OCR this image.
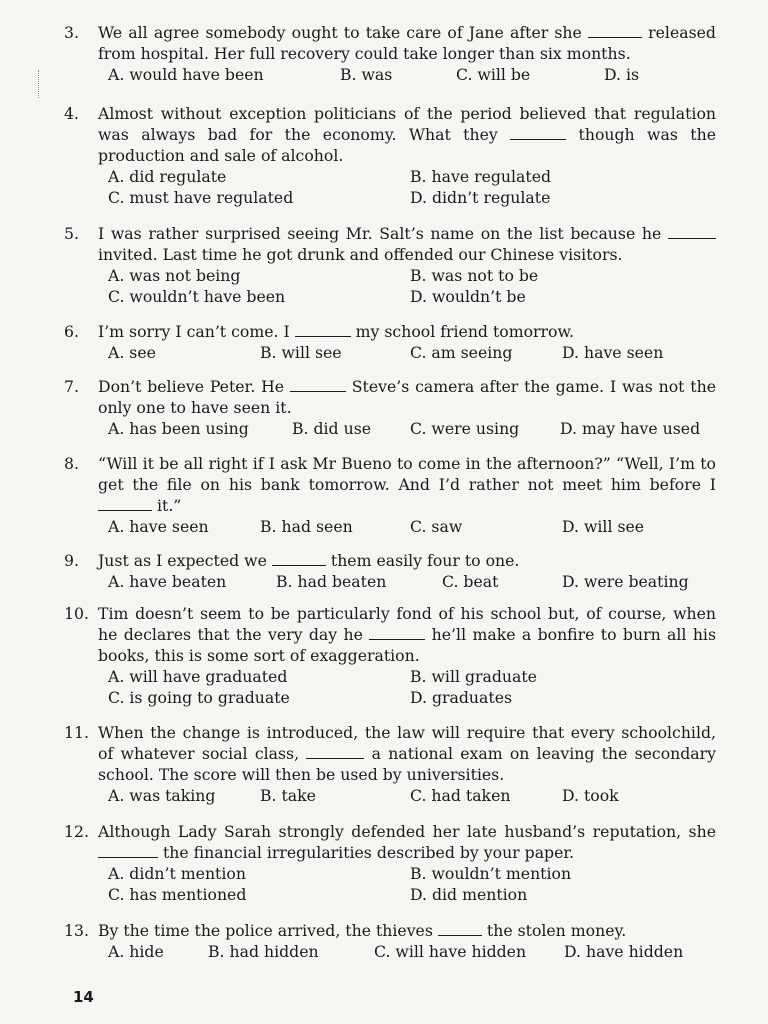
3.	We all agree somebody ought to take care of Jane after she	released from hospital. Her full recovery could take longer than six months.
A. would have been	B. was	C. will be	D. is
4.	Almost without exception politicians of the period believed that regulation was always bad for the economy. What they	though was the production and sale of alcohol.
A. did regulate	B. have regulated
C. must have regulated	D. didn’t regulate
5.	I was rather surprised seeing Mr. Salt’s name on the list because he  invited. Last time he got drunk and offended our Chinese visitors.
A. was not being	B. was not to be
C. wouldn’t have been	D. wouldn’t be
6.	I’m sorry I can’t come. I	my school friend tomorrow.
A. see	B. will see	C. am seeing	D. have seen
7.	Don’t believe Peter. He	Steve’s camera after the game. I was not the only one to have seen it.
A. has been using	B. did use C. were using	D. may have used
8.	“Will it be all right if I ask Mr Bueno to come in the afternoon?” “Well, I’m to get the file on his bank tomorrow. And I’d rather not meet him before I  it.”
A. have seen	B. had seen	C. saw	D. will see
9.	Just as I expected we	them easily four to one.
A. have beaten	B. had beaten	C. beat	D. were beating
10. Tim doesn’t seem to be particularly fond of his school but, of course, when he declares that the very day he	he’ll make a bonfire to burn all his books, this is some sort of exaggeration.
A. will have graduated	B. will graduate
C. is going to graduate	D. graduates
11. When the change is introduced, the law will require that every schoolchild, of whatever social class,	a national exam on leaving the secondary school. The score will then be used by universities.
A. was taking	B. take	C. had taken	D. took
12. Although Lady Sarah strongly defended her late husband’s reputation, she  the financial irregularities described by your paper.
A. didn’t mention	B. wouldn’t mention
C. has mentioned	D. did mention
13. By the time the police arrived, the thieves	the stolen money.
A. hide	B. had hidden	C. will have hidden D. have hidden
14
